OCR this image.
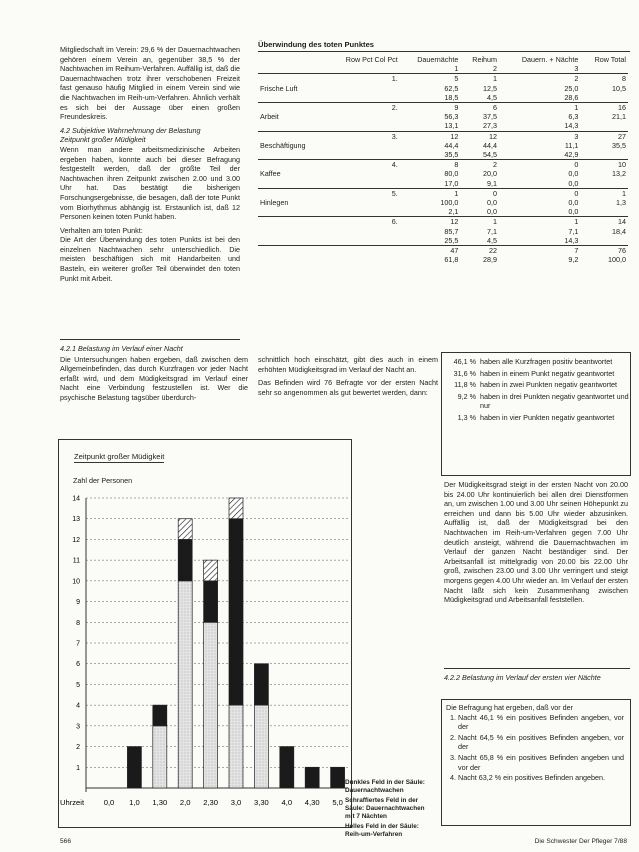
Mitgliedschaft im Verein: 29,6 % der Dauernachtwachen gehören einem Verein an, gegenüber 38,5 % der Nachtwachen im Reihum-Verfahren. Auffällig ist, daß die Dauernachtwachen trotz ihrer verschobenen Freizeit fast genauso häufig Mitglied in einem Verein sind wie die Nachtwachen im Reih-um-Verfahren. Ähnlich verhält es sich bei der Aussage über einen großen Freundeskreis.

4.2 Subjektive Wahrnehmung der Belastung

Zeitpunkt großer Müdigkeit

Wenn man andere arbeitsmedizinische Arbeiten ergeben haben, konnte auch bei dieser Befragung festgestellt werden, daß der größte Teil der Nachtwachen ihren Zeitpunkt zwischen 2.00 und 3.00 Uhr hat. Das bestätigt die bisherigen Forschungsergebnisse, die besagen, daß der tote Punkt vom Biorhythmus abhängig ist. Erstaunlich ist, daß 12 Personen keinen toten Punkt haben.

Verhalten am toten Punkt:

Die Art der Überwindung des toten Punkts ist bei den einzelnen Nachtwachen sehr unterschiedlich. Die meisten beschäftigen sich mit Handarbeiten und Basteln, ein weiterer großer Teil überwindet den toten Punkt mit Arbeit.

4.2.1 Belastung im Verlauf einer Nacht

Die Untersuchungen haben ergeben, daß zwischen dem Allgemeinbefinden, das durch Kurzfragen vor jeder Nacht erfaßt wird, und dem Müdigkeitsgrad im Verlauf einer Nacht eine Verbindung festzustellen ist. Wer die psychische Belastung tagsüber überdurch-

Überwindung des toten Punktes
	Row Pct Col Pct	Dauernächte	Reihum	Dauern. + Nächte	Row Total
		1	2	3	
	1.	5	1	2	8
Frische Luft		62,5	12,5	25,0	10,5
		18,5	4,5	28,6	
	2.	9	6	1	16
Arbeit		56,3	37,5	6,3	21,1
		13,1	27,3	14,3	
	3.	12	12	3	27
Beschäftigung		44,4	44,4	11,1	35,5
		35,5	54,5	42,9	
	4.	8	2	0	10
Kaffee		80,0	20,0	0,0	13,2
		17,0	9,1	0,0	
	5.	1	0	0	1
Hinlegen		100,0	0,0	0,0	1,3
		2,1	0,0	0,0	
	6.	12	1	1	14
		85,7	7,1	7,1	18,4
		25,5	4,5	14,3	
		47	22	7	76
		61,8	28,9	9,2	100,0

schnittlich hoch einschätzt, gibt dies auch in einem erhöhten Müdigkeitsgrad im Verlauf der Nacht an.

Das Befinden wird 76 Befragte vor der ersten Nacht sehr so angenommen als gut bewertet werden, dann:

46,1 % haben alle Kurzfragen positiv beantwortet
31,6 % haben in einem Punkt negativ geantwortet
11,8 % haben in zwei Punkten negativ geantwortet
9,2 % haben in drei Punkten negativ geantwortet und nur
1,3 % haben in vier Punkten negativ geantwortet

Der Müdigkeitsgrad steigt in der ersten Nacht von 20.00 bis 24.00 Uhr kontinuierlich bei allen drei Dienstformen an, um zwischen 1.00 und 3.00 Uhr seinen Höhepunkt zu erreichen und dann bis 5.00 Uhr wieder abzusinken. Auffällig ist, daß der Müdigkeitsgrad bei den Nachtwachen im Reih-um-Verfahren gegen 7.00 Uhr deutlich ansteigt, während die Dauernachtwachen im Verlauf der ganzen Nacht beständiger sind. Der Arbeitsanfall ist mittelgradig von 20.00 bis 22.00 Uhr groß, zwischen 23.00 und 3.00 Uhr verringert und steigt morgens gegen 4.00 Uhr wieder an. Im Verlauf der ersten Nacht läßt sich kein Zusammenhang zwischen Müdigkeitsgrad und Arbeitsanfall feststellen.

4.2.2 Belastung im Verlauf der ersten vier Nächte
Die Befragung hat ergeben, daß vor der
1. Nacht 46,1 % ein positives Befinden angeben, vor der
2. Nacht 64,5 % ein positives Befinden angeben, vor der
3. Nacht 65,8 % ein positives Befinden angeben und vor der
4. Nacht 63,2 % ein positives Befinden angeben.
Zeitpunkt großer Müdigkeit
Zahl der Personen
1
2
3
4
5
6
7
8
9
10
11
12
13
14
Uhrzeit	0,0 1,0 1,30 2,0 2,30 3,0 3,30 4,0 4,30 5,0
Dunkles Feld in der Säule: Dauernachtwachen
Schraffiertes Feld in der Säule: Dauernachtwachen mit 7 Nächten
Helles Feld in der Säule: Reih-um-Verfahren
566	Die Schwester Der Pfleger 7/88
